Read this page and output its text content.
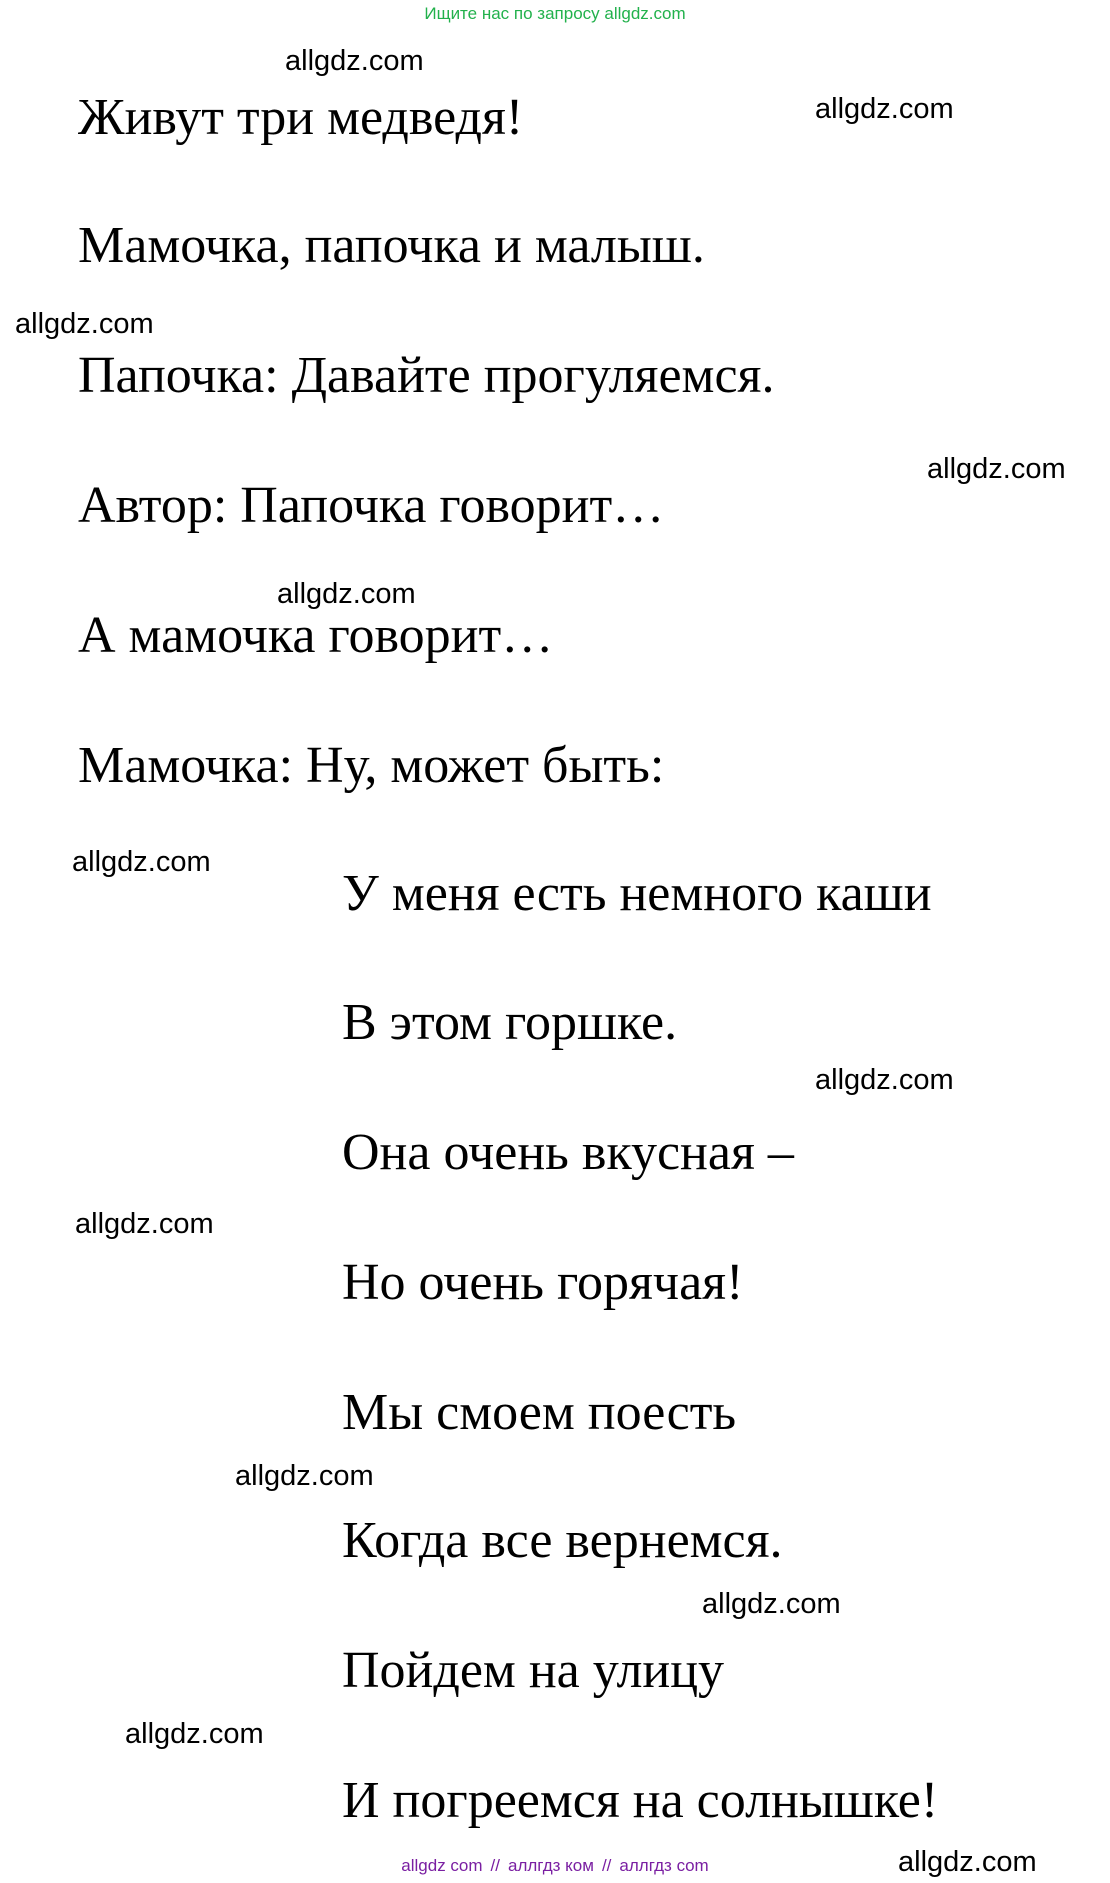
Ищите нас по запросу allgdz.com
Живут три медведя!
Мамочка, папочка и малыш.
Папочка: Давайте прогуляемся.
Автор: Папочка говорит…
А мамочка говорит…
Мамочка: Ну, может быть:
У меня есть немного каши
В этом горшке.
Она очень вкусная –
Но очень горячая!
Мы смоем поесть
Когда все вернемся.
Пойдем на улицу
И погреемся на солнышке!
allgdz.com
allgdz.com
allgdz.com
allgdz.com
allgdz.com
allgdz.com
allgdz.com
allgdz.com
allgdz.com
allgdz.com
allgdz.com
allgdz.com
allgdz com // аллгдз ком // аллгдз com
